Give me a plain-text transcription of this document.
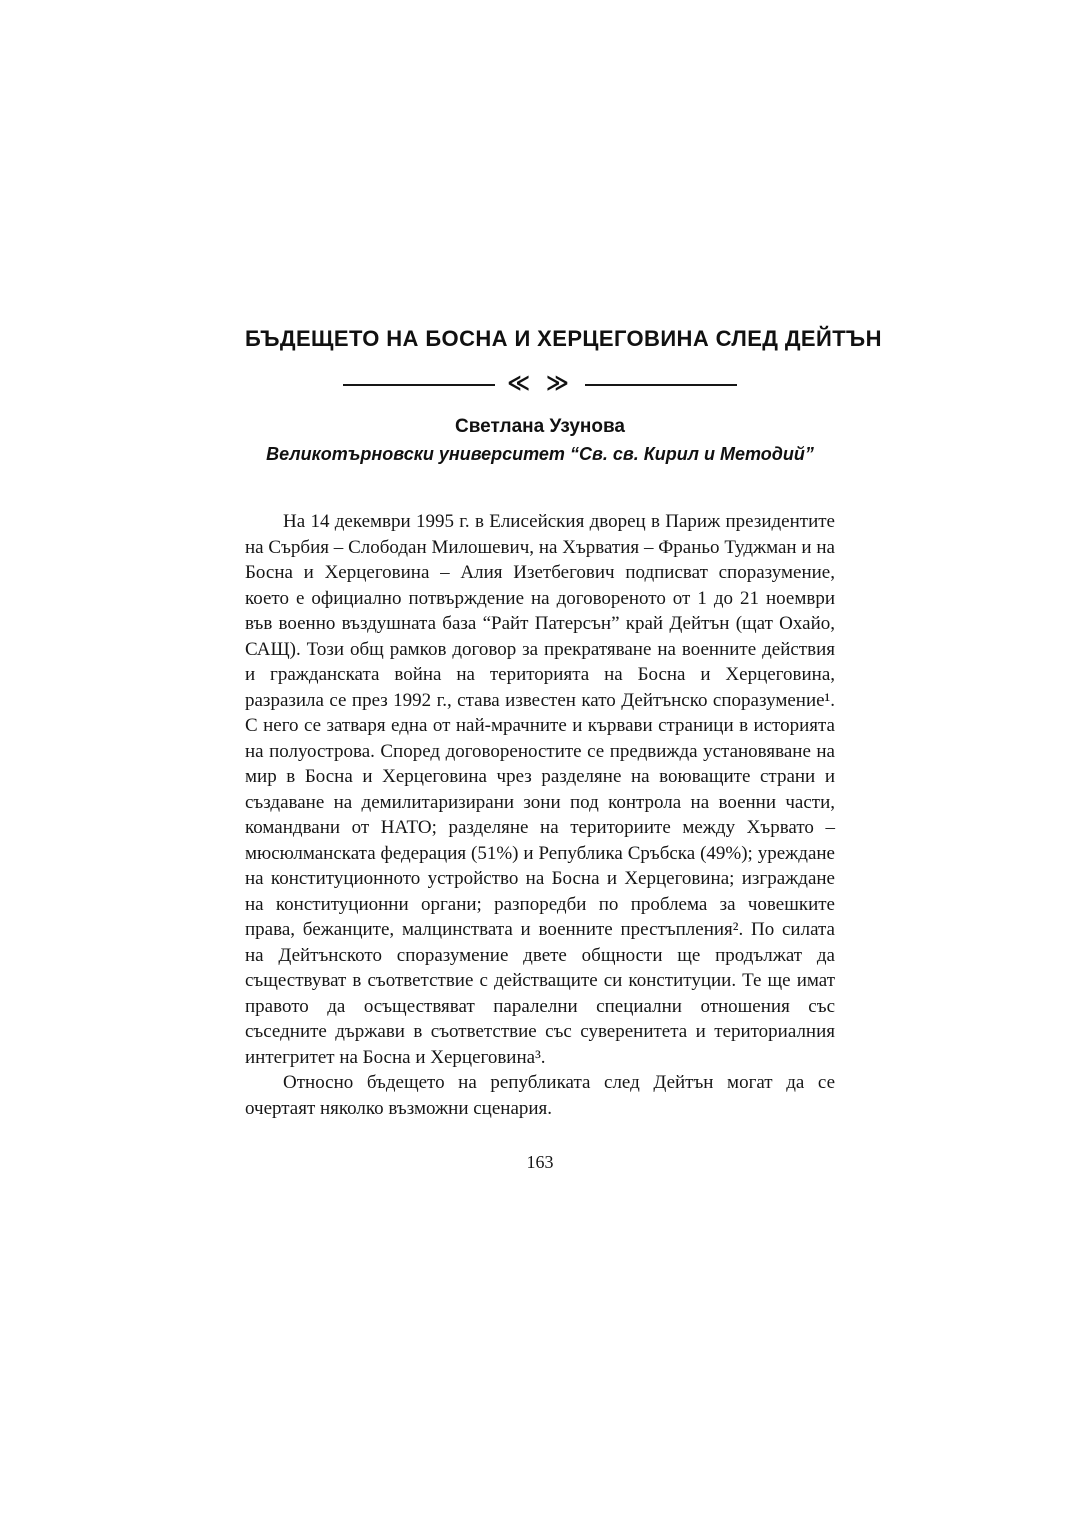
БЪДЕЩЕТО НА БОСНА И ХЕРЦЕГОВИНА СЛЕД ДЕЙТЪН
≪ ≫
Светлана Узунова
Великотърновски университет “Св. св. Кирил и Методий”

На 14 декември 1995 г. в Елисейския дворец в Париж президентите на Сърбия – Слободан Милошевич, на Хърватия – Франьо Туджман и на Босна и Херцеговина – Алия Изетбегович подписват споразумение, което е официално потвърждение на договореното от 1 до 21 ноември във военно въздушната база “Райт Патерсън” край Дейтън (щат Охайо, САЩ). Този общ рамков договор за прекратяване на военните действия и гражданската война на територията на Босна и Херцеговина, разразила се през 1992 г., става известен като Дейтънско споразумение¹. С него се затваря една от най-мрачните и кървави страници в историята на полуострова. Според договореностите се предвижда установяване на мир в Босна и Херцеговина чрез разделяне на воюващите страни и създаване на демилитаризирани зони под контрола на военни части, командвани от НАТО; разделяне на териториите между Хървато – мюсюлманската федерация (51%) и Република Сръбска (49%); уреждане на конституционното устройство на Босна и Херцеговина; изграждане на конституционни органи; разпоредби по проблема за човешките права, бежанците, малцинствата и военните престъпления². По силата на Дейтънското споразумение двете общности ще продължат да съществуват в съответствие с действащите си конституции. Те ще имат правото да осъществяват паралелни специални отношения със съседните държави в съответствие със суверенитета и териториалния интегритет на Босна и Херцеговина³.

Относно бъдещето на републиката след Дейтън могат да се очертаят няколко възможни сценария.

163
